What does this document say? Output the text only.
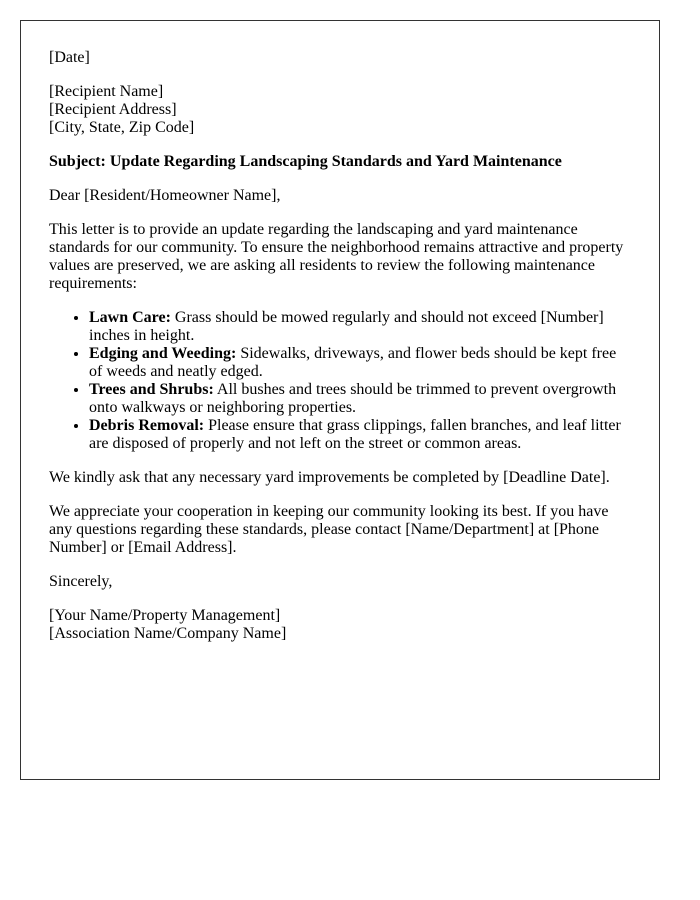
[Date]

[Recipient Name]
[Recipient Address]
[City, State, Zip Code]

Subject: Update Regarding Landscaping Standards and Yard Maintenance

Dear [Resident/Homeowner Name],

This letter is to provide an update regarding the landscaping and yard maintenance standards for our community. To ensure the neighborhood remains attractive and property values are preserved, we are asking all residents to review the following maintenance requirements:

• Lawn Care: Grass should be mowed regularly and should not exceed [Number] inches in height.
• Edging and Weeding: Sidewalks, driveways, and flower beds should be kept free of weeds and neatly edged.
• Trees and Shrubs: All bushes and trees should be trimmed to prevent overgrowth onto walkways or neighboring properties.
• Debris Removal: Please ensure that grass clippings, fallen branches, and leaf litter are disposed of properly and not left on the street or common areas.

We kindly ask that any necessary yard improvements be completed by [Deadline Date].

We appreciate your cooperation in keeping our community looking its best. If you have any questions regarding these standards, please contact [Name/Department] at [Phone Number] or [Email Address].

Sincerely,

[Your Name/Property Management]
[Association Name/Company Name]
